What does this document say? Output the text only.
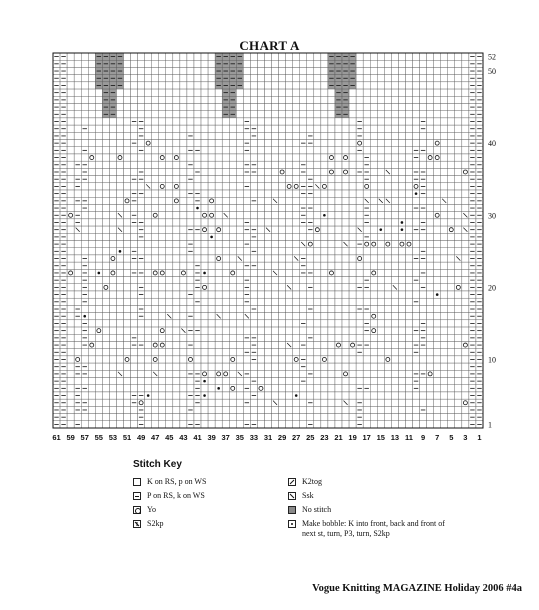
CHART A
1
10
20
30
40
50
52
61 59 57 55 53 51 49 47 45 43 41 39 37 35 33 31 29 27 25 23 21 19 17 15 13 11 9 7 5 3 1
Stitch Key
K on RS, p on WS
P on RS, k on WS
Yo
S2kp
K2tog
Ssk
No stitch
Make bobble: K into front, back and front of next st, turn, P3, turn, S2kp
Vogue Knitting MAGAZINE Holiday 2006 #4a
